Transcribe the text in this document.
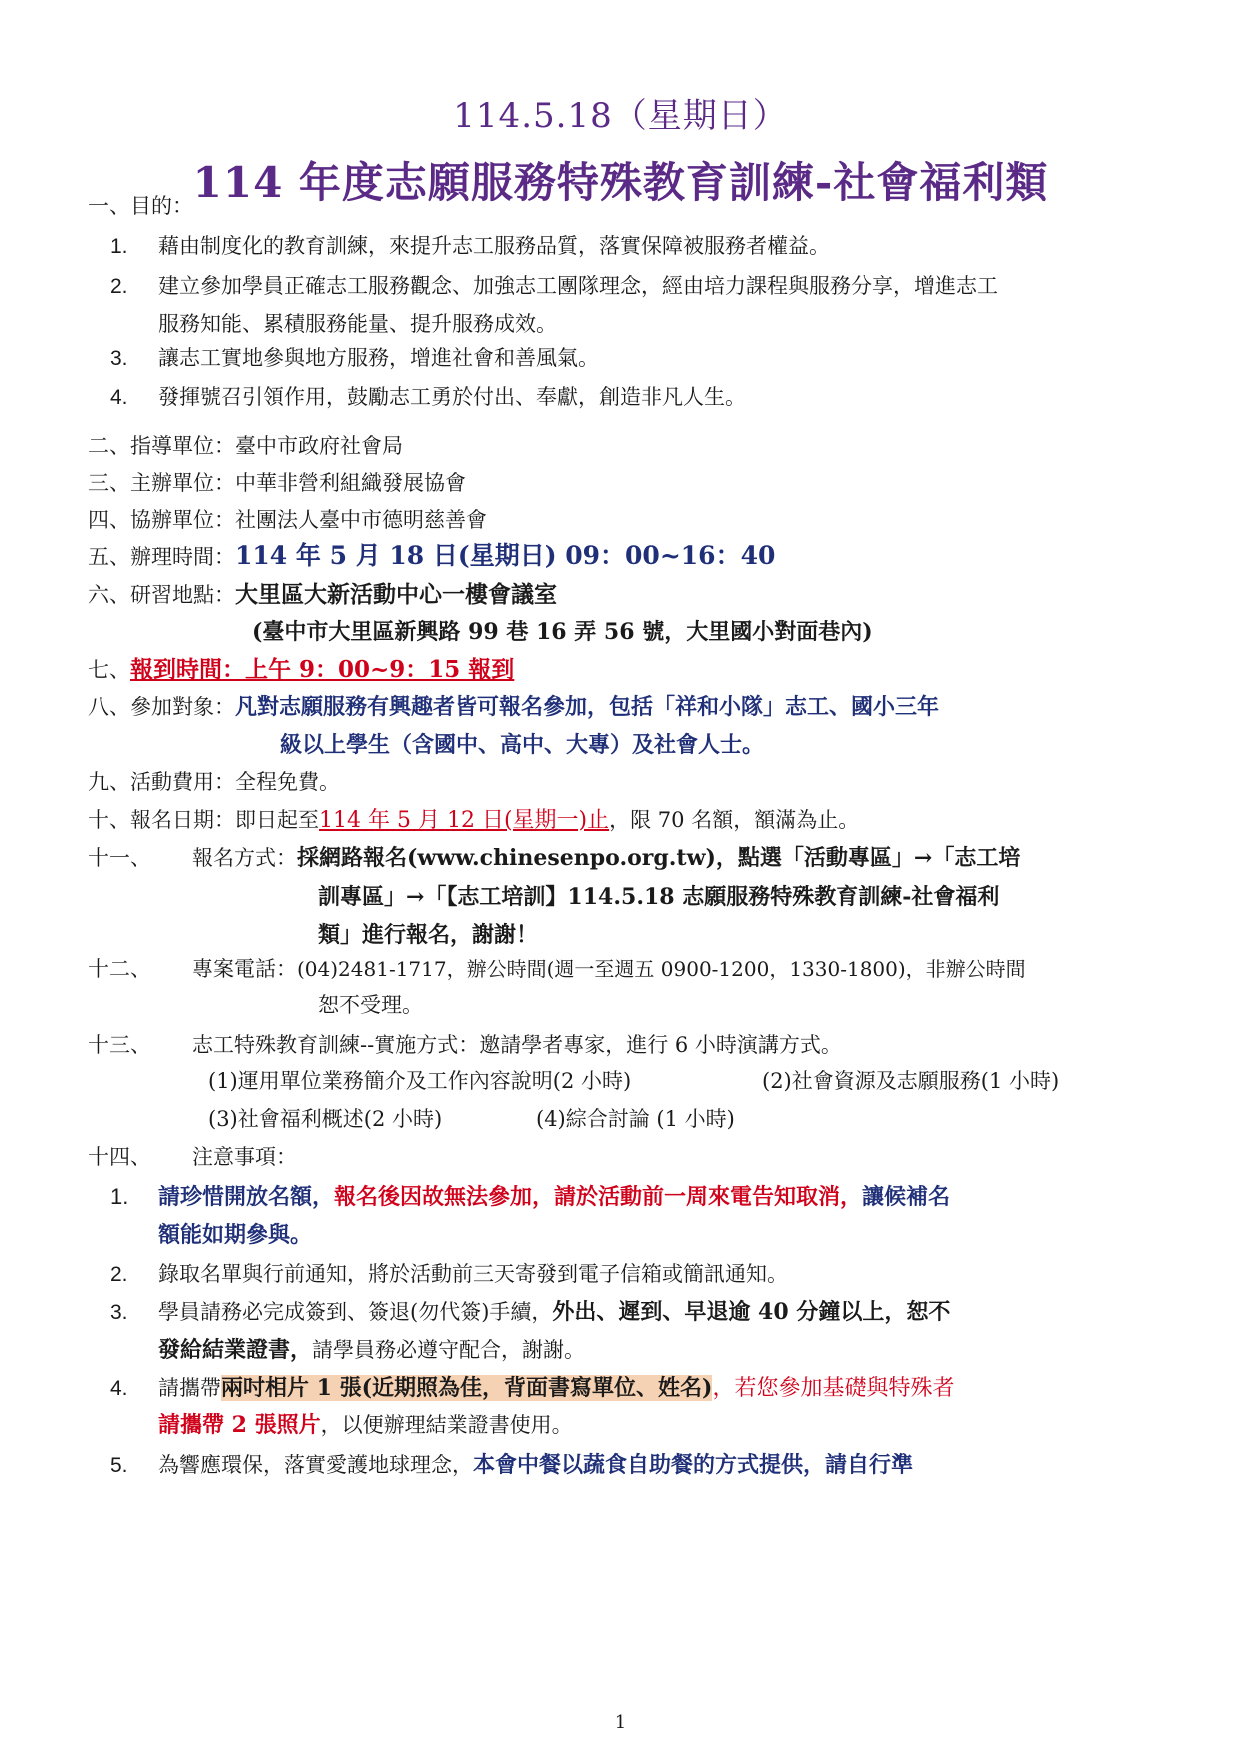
114.5.18（星期日）
114 年度志願服務特殊教育訓練-社會福利類
一、目的：
1. 藉由制度化的教育訓練，來提升志工服務品質，落實保障被服務者權益。
2. 建立參加學員正確志工服務觀念、加強志工團隊理念，經由培力課程與服務分享，增進志工
服務知能、累積服務能量、提升服務成效。
3. 讓志工實地參與地方服務，增進社會和善風氣。
4. 發揮號召引領作用，鼓勵志工勇於付出、奉獻，創造非凡人生。
二、指導單位：臺中市政府社會局
三、主辦單位：中華非營利組織發展協會
四、協辦單位：社團法人臺中市德明慈善會
五、辦理時間：114 年 5 月 18 日(星期日) 09：00~16：40
六、研習地點：大里區大新活動中心一樓會議室
(臺中市大里區新興路 99 巷 16 弄 56 號，大里國小對面巷內)
七、報到時間：上午 9：00~9：15 報到
八、參加對象：凡對志願服務有興趣者皆可報名參加，包括「祥和小隊」志工、國小三年
級以上學生（含國中、高中、大專）及社會人士。
九、活動費用：全程免費。
十、報名日期：即日起至114 年 5 月 12 日(星期一)止，限 70 名額，額滿為止。
十一、 報名方式：採網路報名(www.chinesenpo.org.tw)，點選「活動專區」→「志工培
訓專區」→「【志工培訓】114.5.18 志願服務特殊教育訓練-社會福利
類」進行報名，謝謝！
十二、 專案電話：(04)2481-1717，辦公時間(週一至週五 0900-1200，1330-1800)，非辦公時間
恕不受理。
十三、 志工特殊教育訓練--實施方式：邀請學者專家，進行 6 小時演講方式。
(1)運用單位業務簡介及工作內容說明(2 小時)	(2)社會資源及志願服務(1 小時)
(3)社會福利概述(2 小時)	(4)綜合討論 (1 小時)
十四、 注意事項：
1. 請珍惜開放名額，報名後因故無法參加，請於活動前一周來電告知取消，讓候補名
額能如期參與。
2. 錄取名單與行前通知，將於活動前三天寄發到電子信箱或簡訊通知。
3. 學員請務必完成簽到、簽退(勿代簽)手續，外出、遲到、早退逾 40 分鐘以上，恕不
發給結業證書，請學員務必遵守配合，謝謝。
4. 請攜帶兩吋相片 1 張(近期照為佳，背面書寫單位、姓名)，若您參加基礎與特殊者
請攜帶 2 張照片，以便辦理結業證書使用。
5. 為響應環保，落實愛護地球理念，本會中餐以蔬食自助餐的方式提供，請自行準
1
